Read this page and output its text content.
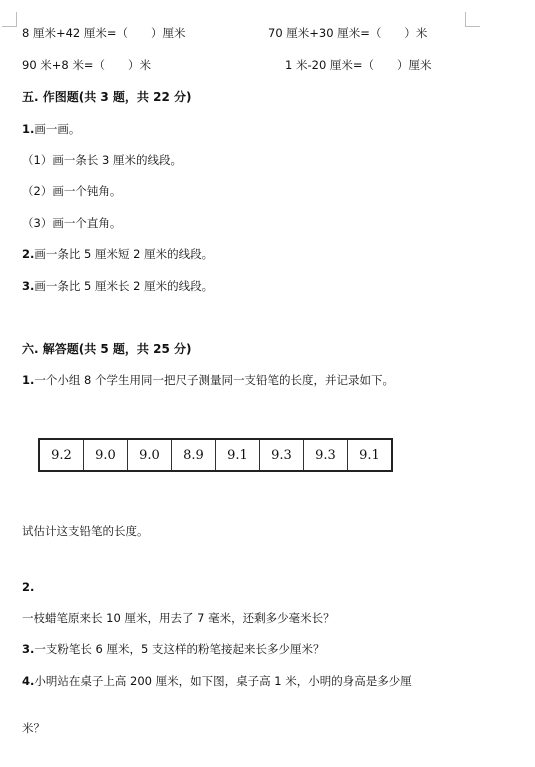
8 厘米+42 厘米=（　　）厘米	70 厘米+30 厘米=（　　）米
90 米+8 米=（　　）米	1 米-20 厘米=（　　）厘米
五. 作图题(共 3 题，共 22 分)
1.画一画。
（1）画一条长 3 厘米的线段。
（2）画一个钝角。
（3）画一个直角。
2.画一条比 5 厘米短 2 厘米的线段。
3.画一条比 5 厘米长 2 厘米的线段。
六. 解答题(共 5 题，共 25 分)
1.一个小组 8 个学生用同一把尺子测量同一支铅笔的长度，并记录如下。
9.2	9.0	9.0	8.9	9.1	9.3	9.3	9.1
试估计这支铅笔的长度。
2.
一枝蜡笔原来长 10 厘米，用去了 7 毫米，还剩多少毫米长？
3.一支粉笔长 6 厘米，5 支这样的粉笔接起来长多少厘米？
4.小明站在桌子上高 200 厘米，如下图，桌子高 1 米，小明的身高是多少厘
米？
